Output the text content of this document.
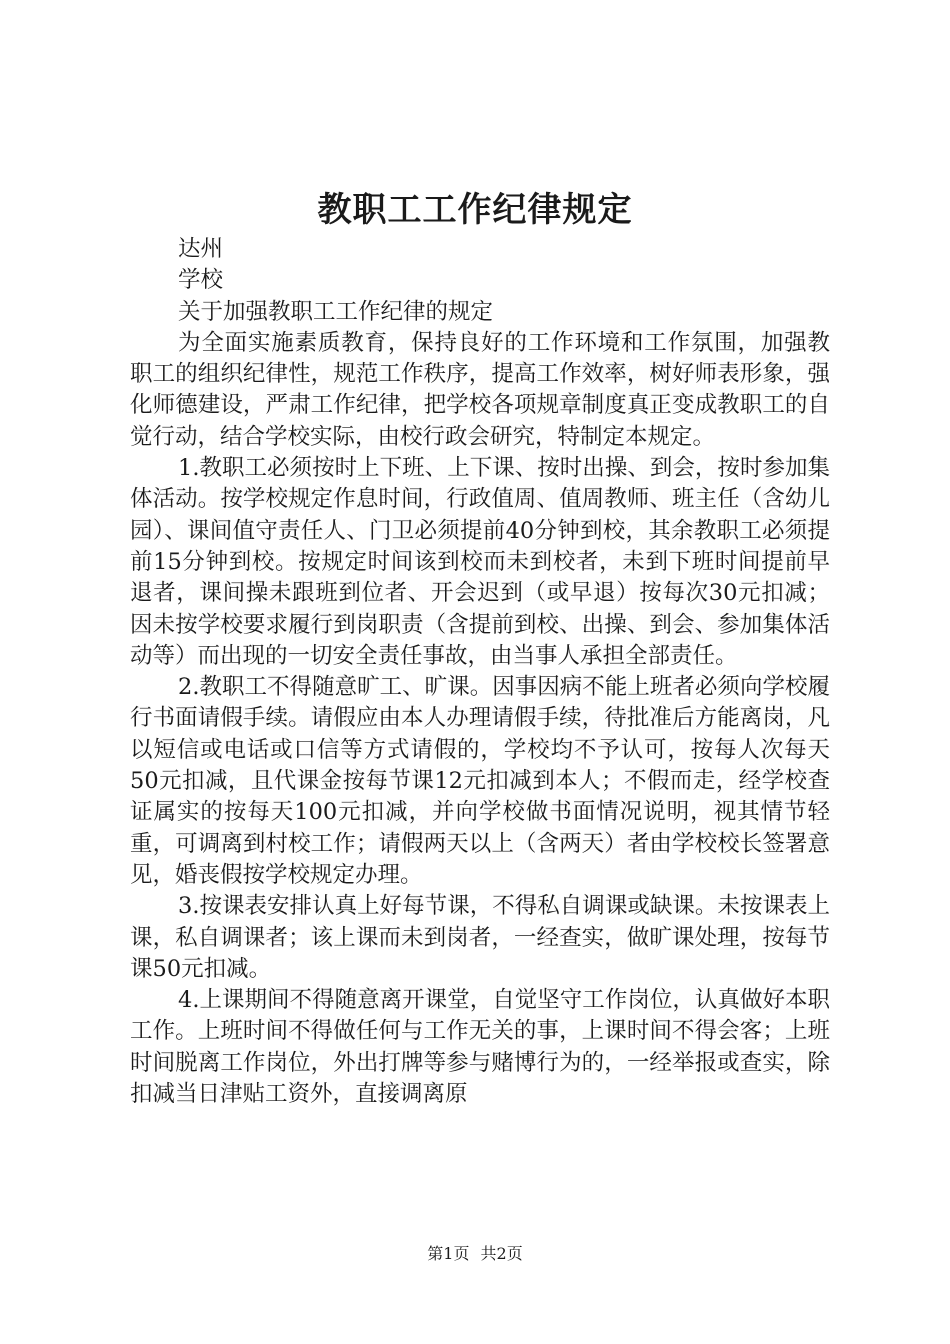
教职工工作纪律规定
达州
学校
关于加强教职工工作纪律的规定

为全面实施素质教育，保持良好的工作环境和工作氛围，加强教职工的组织纪律性，规范工作秩序，提高工作效率，树好师表形象，强化师德建设，严肃工作纪律，把学校各项规章制度真正变成教职工的自觉行动，结合学校实际，由校行政会研究，特制定本规定。

1.教职工必须按时上下班、上下课、按时出操、到会，按时参加集体活动。按学校规定作息时间，行政值周、值周教师、班主任（含幼儿园）、课间值守责任人、门卫必须提前40分钟到校，其余教职工必须提前15分钟到校。按规定时间该到校而未到校者，未到下班时间提前早退者，课间操未跟班到位者、开会迟到（或早退）按每次30元扣减；因未按学校要求履行到岗职责（含提前到校、出操、到会、参加集体活动等）而出现的一切安全责任事故，由当事人承担全部责任。

2.教职工不得随意旷工、旷课。因事因病不能上班者必须向学校履行书面请假手续。请假应由本人办理请假手续，待批准后方能离岗，凡以短信或电话或口信等方式请假的，学校均不予认可，按每人次每天50元扣减，且代课金按每节课12元扣减到本人；不假而走，经学校查证属实的按每天100元扣减，并向学校做书面情况说明，视其情节轻重，可调离到村校工作；请假两天以上（含两天）者由学校校长签署意见，婚丧假按学校规定办理。

3.按课表安排认真上好每节课，不得私自调课或缺课。未按课表上课，私自调课者；该上课而未到岗者，一经查实，做旷课处理，按每节课50元扣减。

4.上课期间不得随意离开课堂，自觉坚守工作岗位，认真做好本职工作。上班时间不得做任何与工作无关的事，上课时间不得会客；上班时间脱离工作岗位，外出打牌等参与赌博行为的，一经举报或查实，除扣减当日津贴工资外，直接调离原

第1页 共2页
